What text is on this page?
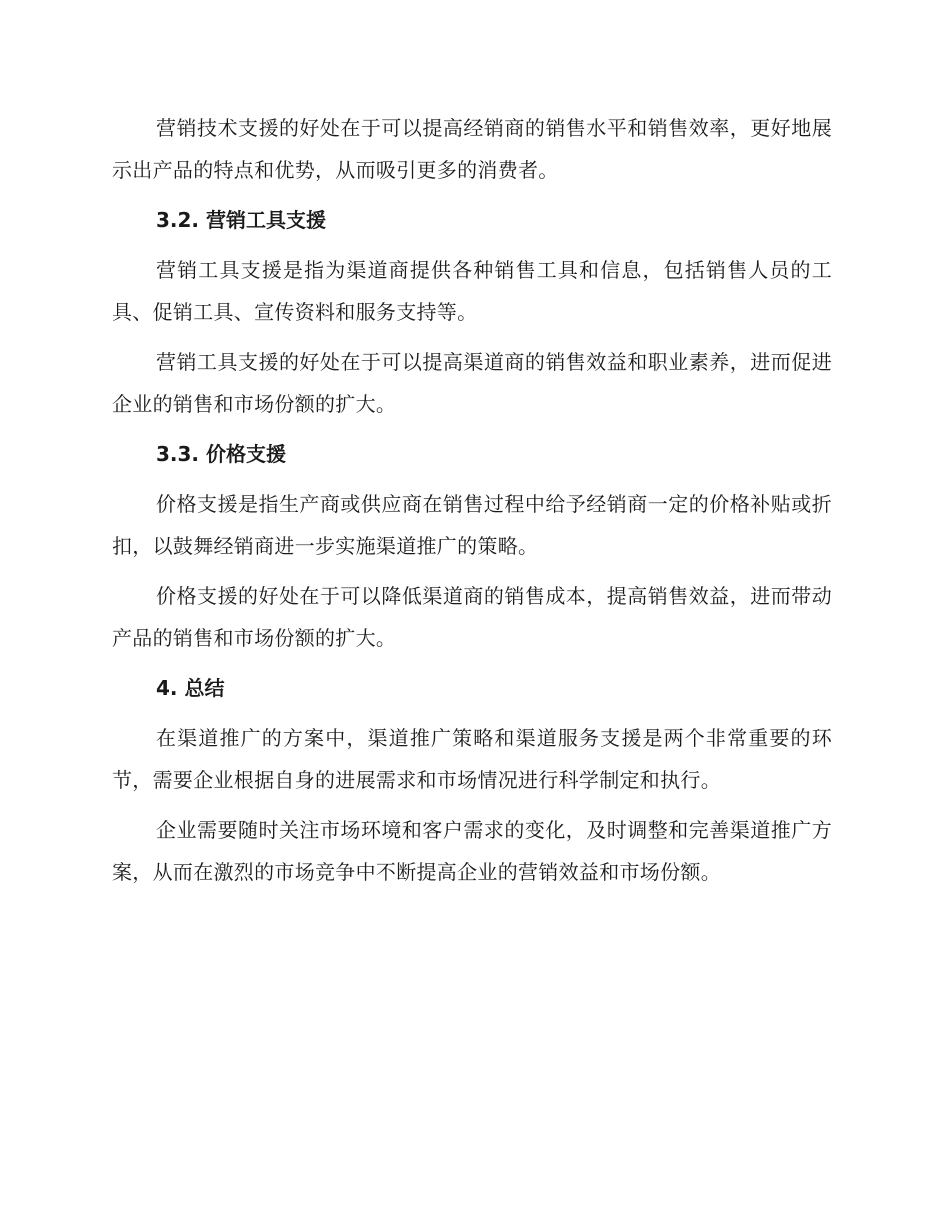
营销技术支援的好处在于可以提高经销商的销售水平和销售效率，更好地展示出产品的特点和优势，从而吸引更多的消费者。

3.2. 营销工具支援

营销工具支援是指为渠道商提供各种销售工具和信息，包括销售人员的工具、促销工具、宣传资料和服务支持等。

营销工具支援的好处在于可以提高渠道商的销售效益和职业素养，进而促进企业的销售和市场份额的扩大。

3.3. 价格支援

价格支援是指生产商或供应商在销售过程中给予经销商一定的价格补贴或折扣，以鼓舞经销商进一步实施渠道推广的策略。

价格支援的好处在于可以降低渠道商的销售成本，提高销售效益，进而带动产品的销售和市场份额的扩大。

4. 总结

在渠道推广的方案中，渠道推广策略和渠道服务支援是两个非常重要的环节，需要企业根据自身的进展需求和市场情况进行科学制定和执行。

企业需要随时关注市场环境和客户需求的变化，及时调整和完善渠道推广方案，从而在激烈的市场竞争中不断提高企业的营销效益和市场份额。
